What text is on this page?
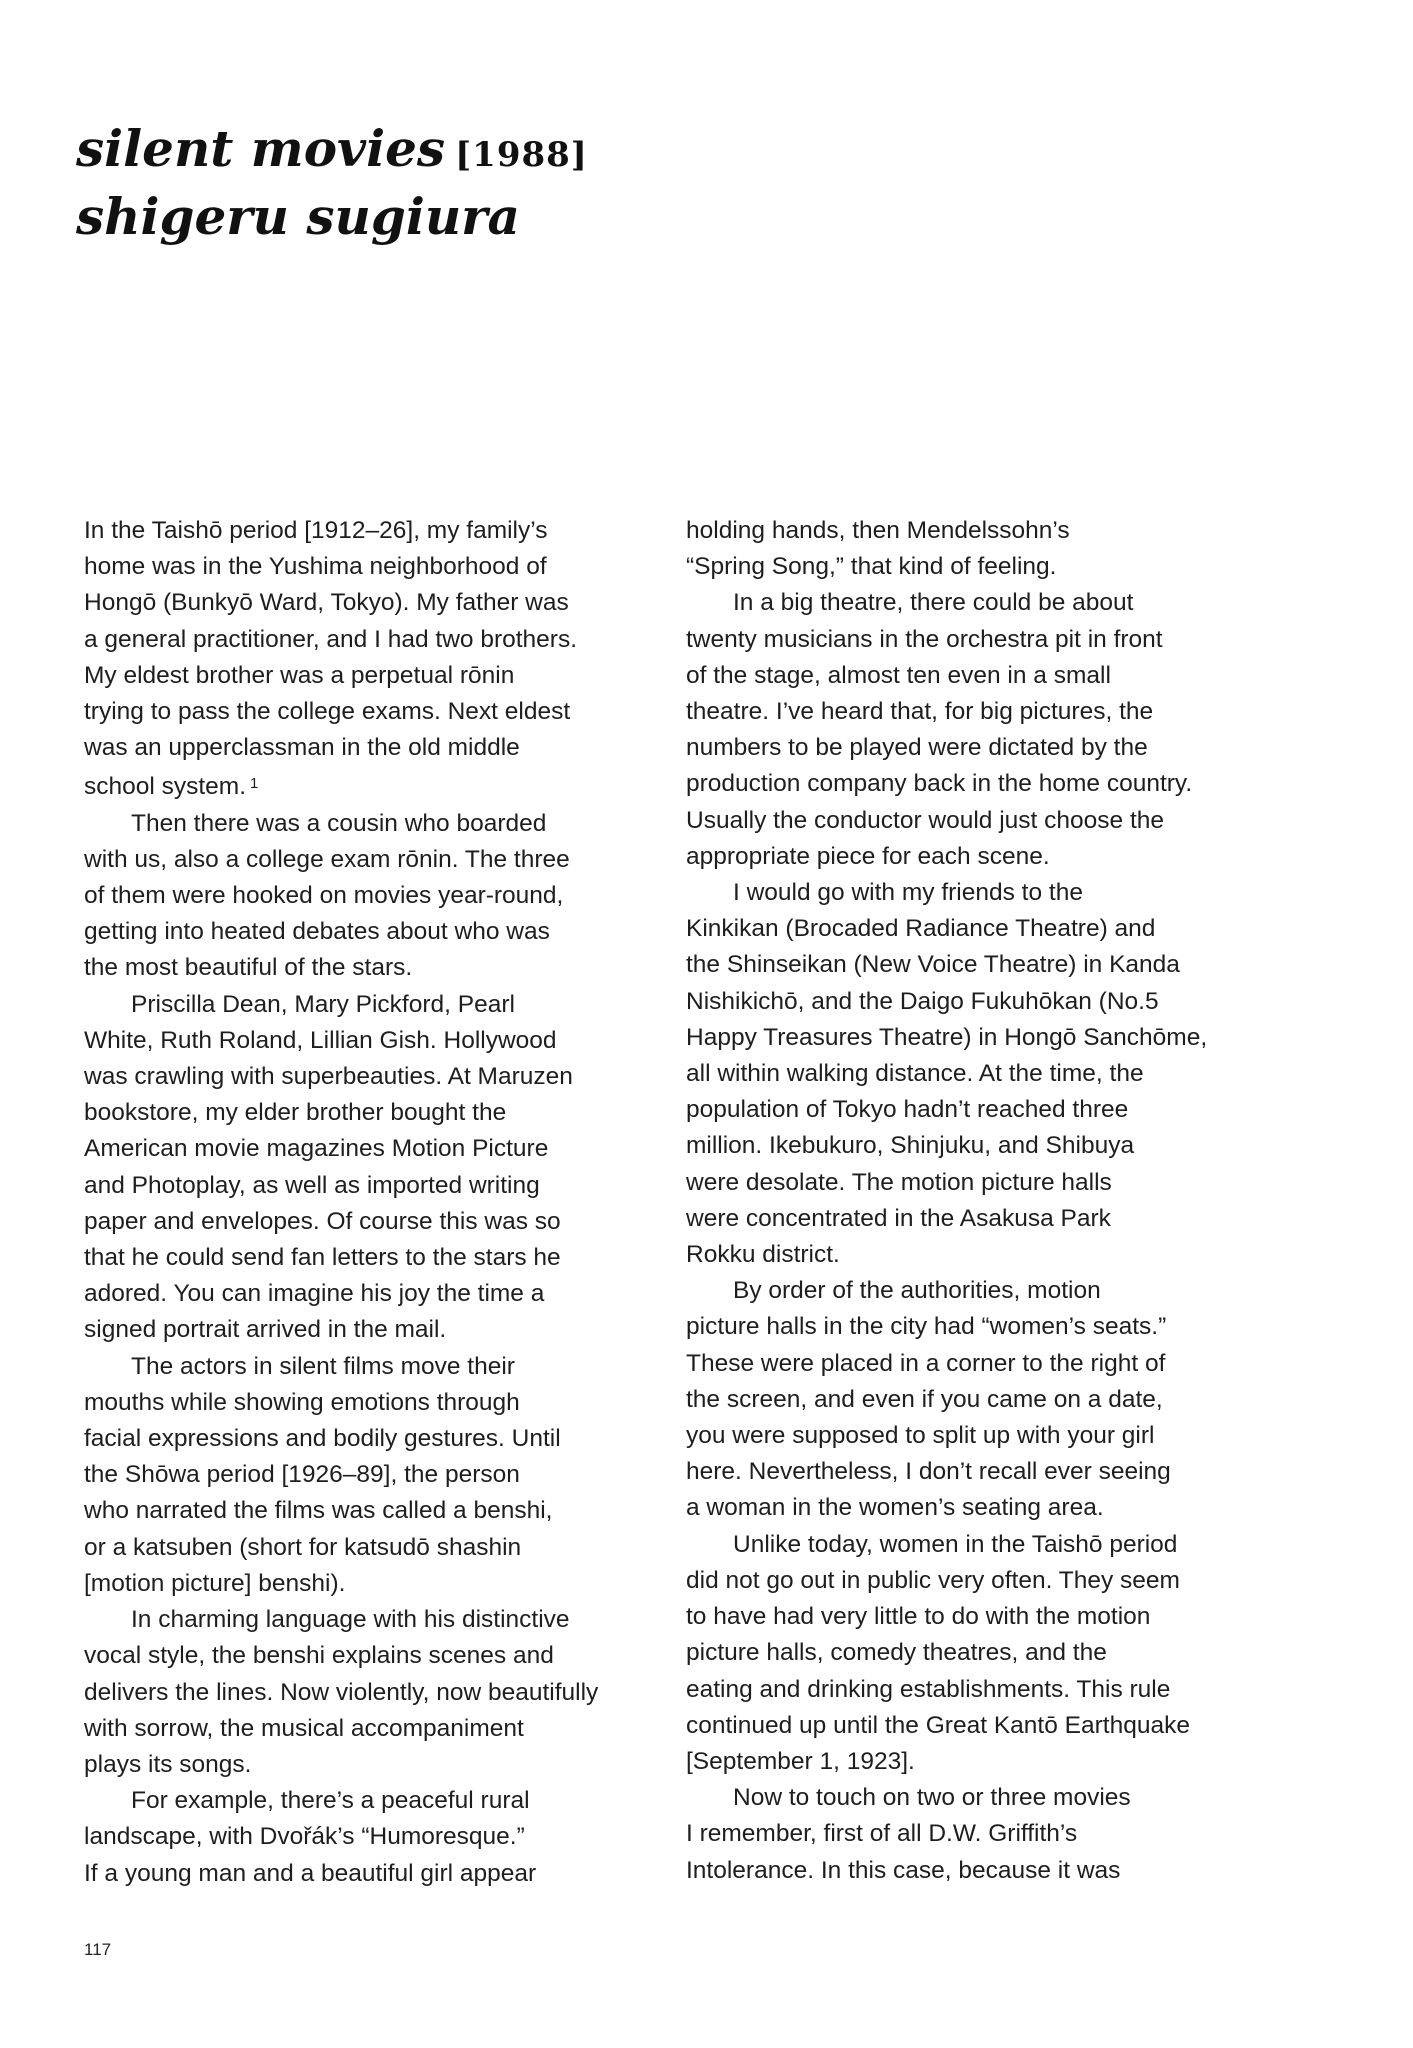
silent movies [1988]
shigeru sugiura
In the Taishō period [1912–26], my family’s
home was in the Yushima neighborhood of
Hongō (Bunkyō Ward, Tokyo). My father was
a general practitioner, and I had two brothers.
My eldest brother was a perpetual rōnin
trying to pass the college exams. Next eldest
was an upperclassman in the old middle
school system. $^1$
Then there was a cousin who boarded
with us, also a college exam rōnin. The three
of them were hooked on movies year-round,
getting into heated debates about who was
the most beautiful of the stars.
Priscilla Dean, Mary Pickford, Pearl
White, Ruth Roland, Lillian Gish. Hollywood
was crawling with superbeauties. At Maruzen
bookstore, my elder brother bought the
American movie magazines Motion Picture
and Photoplay, as well as imported writing
paper and envelopes. Of course this was so
that he could send fan letters to the stars he
adored. You can imagine his joy the time a
signed portrait arrived in the mail.
The actors in silent films move their
mouths while showing emotions through
facial expressions and bodily gestures. Until
the Shōwa period [1926–89], the person
who narrated the films was called a benshi,
or a katsuben (short for katsudō shashin
[motion picture] benshi).
In charming language with his distinctive
vocal style, the benshi explains scenes and
delivers the lines. Now violently, now beautifully
with sorrow, the musical accompaniment
plays its songs.
For example, there’s a peaceful rural
landscape, with Dvořák’s “Humoresque.”
If a young man and a beautiful girl appear
holding hands, then Mendelssohn’s
“Spring Song,” that kind of feeling.
In a big theatre, there could be about
twenty musicians in the orchestra pit in front
of the stage, almost ten even in a small
theatre. I’ve heard that, for big pictures, the
numbers to be played were dictated by the
production company back in the home country.
Usually the conductor would just choose the
appropriate piece for each scene.
I would go with my friends to the
Kinkikan (Brocaded Radiance Theatre) and
the Shinseikan (New Voice Theatre) in Kanda
Nishikichō, and the Daigo Fukuhōkan (No.5
Happy Treasures Theatre) in Hongō Sanchōme,
all within walking distance. At the time, the
population of Tokyo hadn’t reached three
million. Ikebukuro, Shinjuku, and Shibuya
were desolate. The motion picture halls
were concentrated in the Asakusa Park
Rokku district.
By order of the authorities, motion
picture halls in the city had “women’s seats.”
These were placed in a corner to the right of
the screen, and even if you came on a date,
you were supposed to split up with your girl
here. Nevertheless, I don’t recall ever seeing
a woman in the women’s seating area.
Unlike today, women in the Taishō period
did not go out in public very often. They seem
to have had very little to do with the motion
picture halls, comedy theatres, and the
eating and drinking establishments. This rule
continued up until the Great Kantō Earthquake
[September 1, 1923].
Now to touch on two or three movies
I remember, first of all D.W. Griffith’s
Intolerance. In this case, because it was
117
